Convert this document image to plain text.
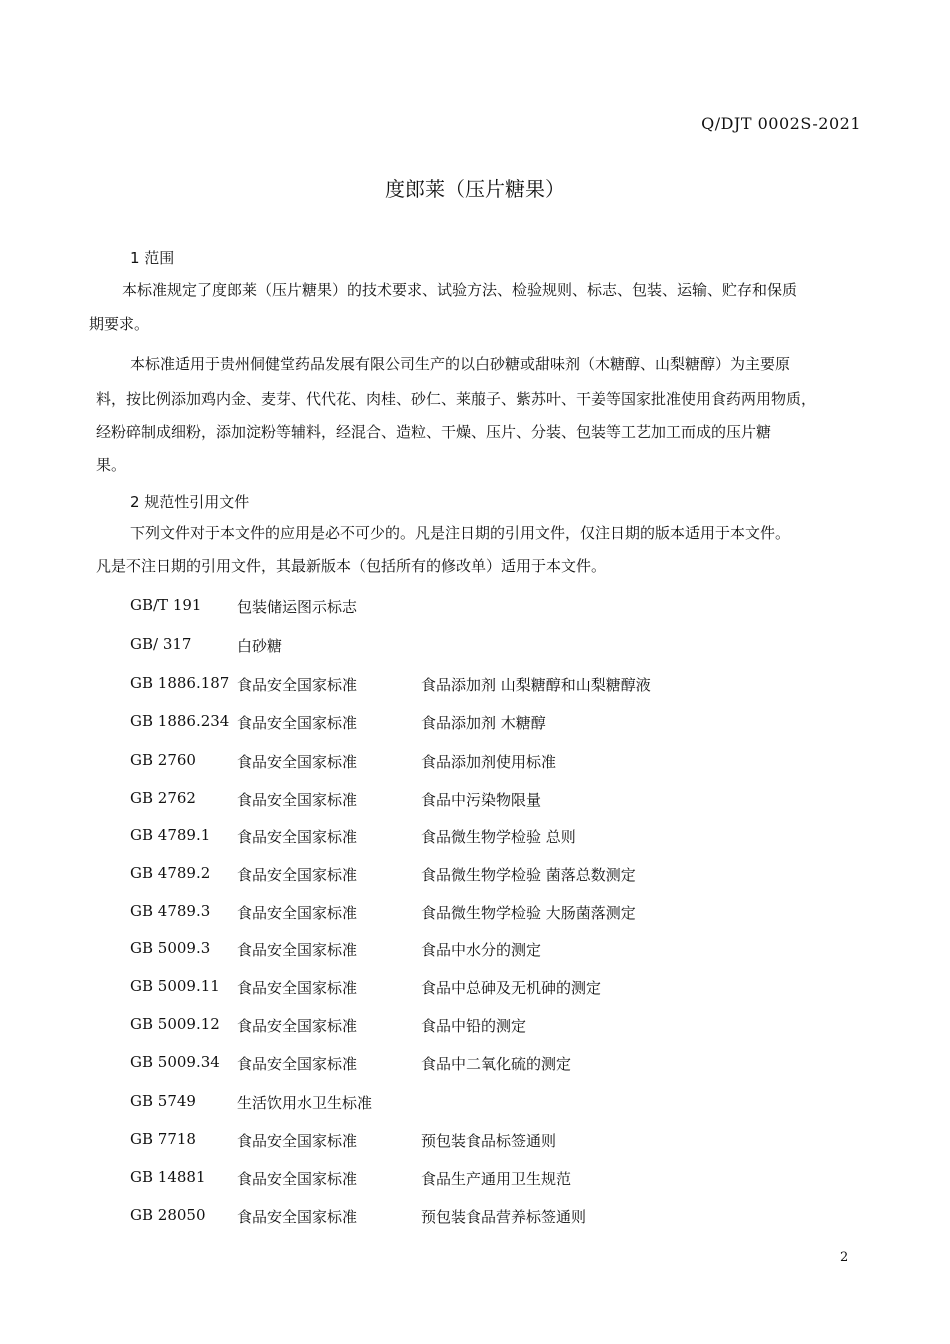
Q/DJT 0002S-2021
度郎莱（压片糖果）
1 范围
本标准规定了度郎莱（压片糖果）的技术要求、试验方法、检验规则、标志、包装、运输、贮存和保质
期要求。
本标准适用于贵州侗健堂药品发展有限公司生产的以白砂糖或甜味剂（木糖醇、山梨糖醇）为主要原
料，按比例添加鸡内金、麦芽、代代花、肉桂、砂仁、莱菔子、紫苏叶、干姜等国家批准使用食药两用物质，
经粉碎制成细粉，添加淀粉等辅料，经混合、造粒、干燥、压片、分装、包装等工艺加工而成的压片糖
果。
2 规范性引用文件
下列文件对于本文件的应用是必不可少的。凡是注日期的引用文件，仅注日期的版本适用于本文件。
凡是不注日期的引用文件，其最新版本（包括所有的修改单）适用于本文件。
GB/T 191 包装储运图示标志
GB/ 317	白砂糖
GB 1886.187 食品安全国家标准	食品添加剂 山梨糖醇和山梨糖醇液
GB 1886.234 食品安全国家标准	食品添加剂 木糖醇
GB 2760	食品安全国家标准	食品添加剂使用标准
GB 2762	食品安全国家标准	食品中污染物限量
GB 4789.1 食品安全国家标准	食品微生物学检验 总则
GB 4789.2 食品安全国家标准	食品微生物学检验 菌落总数测定
GB 4789.3 食品安全国家标准	食品微生物学检验 大肠菌落测定
GB 5009.3 食品安全国家标准	食品中水分的测定
GB 5009.11 食品安全国家标准	食品中总砷及无机砷的测定
GB 5009.12 食品安全国家标准	食品中铅的测定
GB 5009.34 食品安全国家标准	食品中二氧化硫的测定
GB 5749	生活饮用水卫生标准
GB 7718	食品安全国家标准	预包装食品标签通则
GB 14881 食品安全国家标准	食品生产通用卫生规范
GB 28050 食品安全国家标准	预包装食品营养标签通则
2
